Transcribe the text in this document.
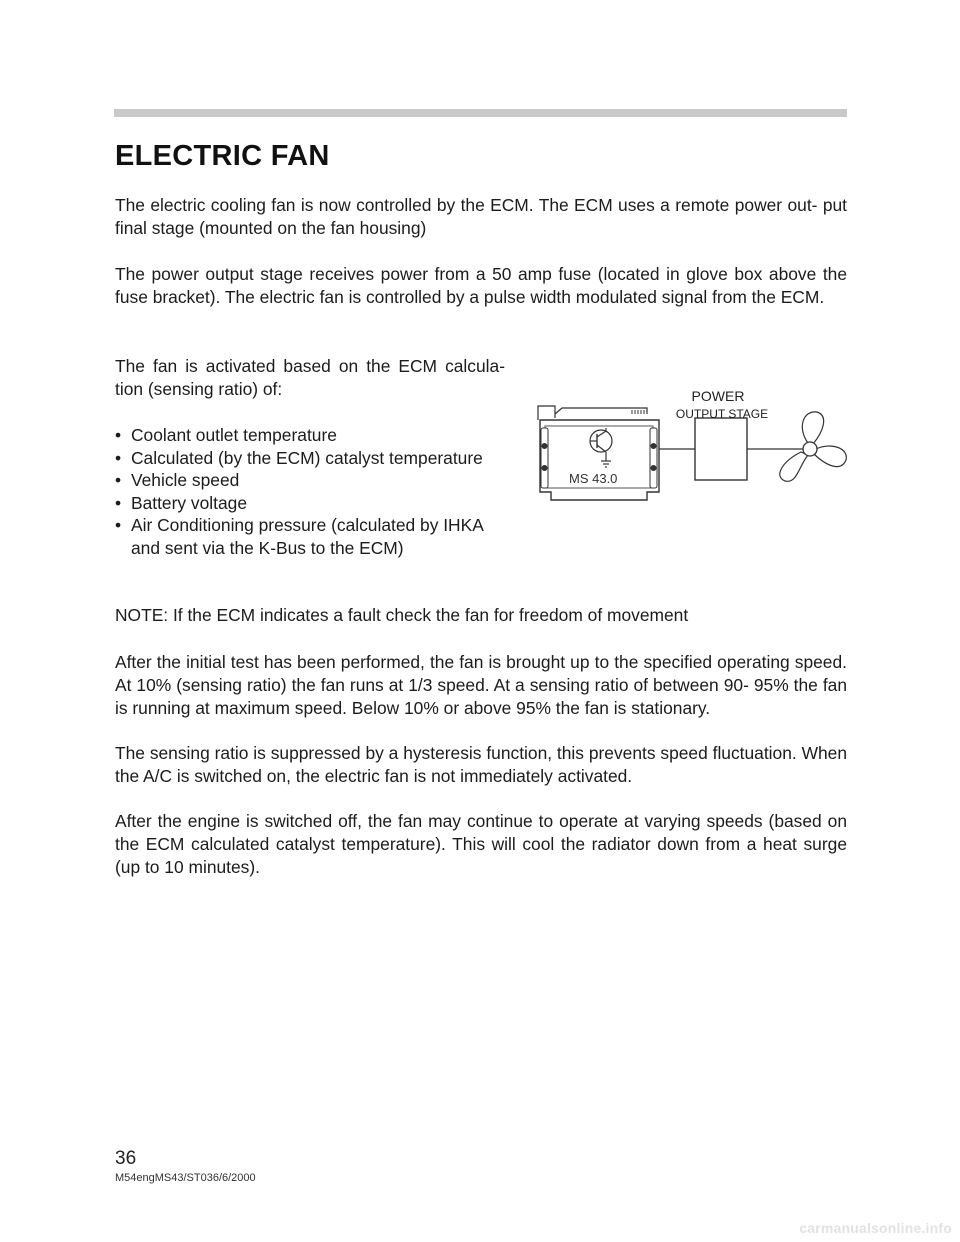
ELECTRIC FAN

The electric cooling fan is now controlled by the ECM. The ECM uses a remote power out- put final stage (mounted on the fan housing)

The power output stage receives power from a 50 amp fuse (located in glove box above the fuse bracket). The electric fan is controlled by a pulse width modulated signal from the ECM.

The fan is activated based on the ECM calcula- tion (sensing ratio) of:

• Coolant outlet temperature
• Calculated (by the ECM) catalyst temperature
• Vehicle speed
• Battery voltage
• Air Conditioning pressure (calculated by IHKA and sent via the K-Bus to the ECM)
MS 43.0
POWER
OUTPUT STAGE

NOTE: If the ECM indicates a fault check the fan for freedom of movement

After the initial test has been performed, the fan is brought up to the specified operating speed. At 10% (sensing ratio) the fan runs at 1/3 speed. At a sensing ratio of between 90- 95% the fan is running at maximum speed. Below 10% or above 95% the fan is stationary.

The sensing ratio is suppressed by a hysteresis function, this prevents speed fluctuation. When the A/C is switched on, the electric fan is not immediately activated.

After the engine is switched off, the fan may continue to operate at varying speeds (based on the ECM calculated catalyst temperature). This will cool the radiator down from a heat surge (up to 10 minutes).

36

M54engMS43/ST036/6/2000

carmanualsonline.info
